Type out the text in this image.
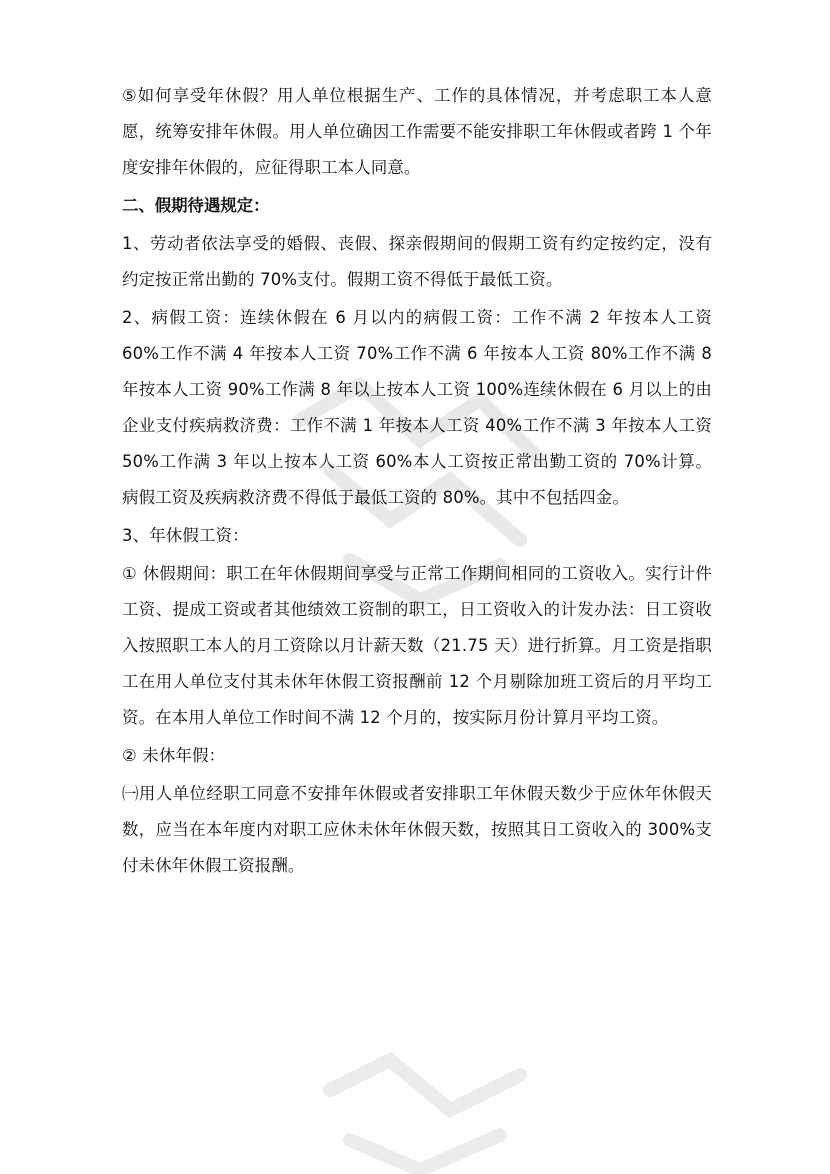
⑤如何享受年休假？用人单位根据生产、工作的具体情况，并考虑职工本人意愿，统筹安排年休假。用人单位确因工作需要不能安排职工年休假或者跨 1 个年度安排年休假的，应征得职工本人同意。

二、假期待遇规定：

1、劳动者依法享受的婚假、丧假、探亲假期间的假期工资有约定按约定，没有约定按正常出勤的 70%支付。假期工资不得低于最低工资。

2、病假工资：连续休假在 6 月以内的病假工资：工作不满 2 年按本人工资 60%工作不满 4 年按本人工资 70%工作不满 6 年按本人工资 80%工作不满 8 年按本人工资 90%工作满 8 年以上按本人工资 100%连续休假在 6 月以上的由企业支付疾病救济费：工作不满 1 年按本人工资 40%工作不满 3 年按本人工资 50%工作满 3 年以上按本人工资 60%本人工资按正常出勤工资的 70%计算。病假工资及疾病救济费不得低于最低工资的 80%。其中不包括四金。

3、年休假工资：

① 休假期间：职工在年休假期间享受与正常工作期间相同的工资收入。实行计件工资、提成工资或者其他绩效工资制的职工，日工资收入的计发办法：日工资收入按照职工本人的月工资除以月计薪天数（21.75 天）进行折算。月工资是指职工在用人单位支付其未休年休假工资报酬前 12 个月剔除加班工资后的月平均工资。在本用人单位工作时间不满 12 个月的，按实际月份计算月平均工资。

② 未休年假：

㈠用人单位经职工同意不安排年休假或者安排职工年休假天数少于应休年休假天数，应当在本年度内对职工应休未休年休假天数，按照其日工资收入的 300%支付未休年休假工资报酬。
